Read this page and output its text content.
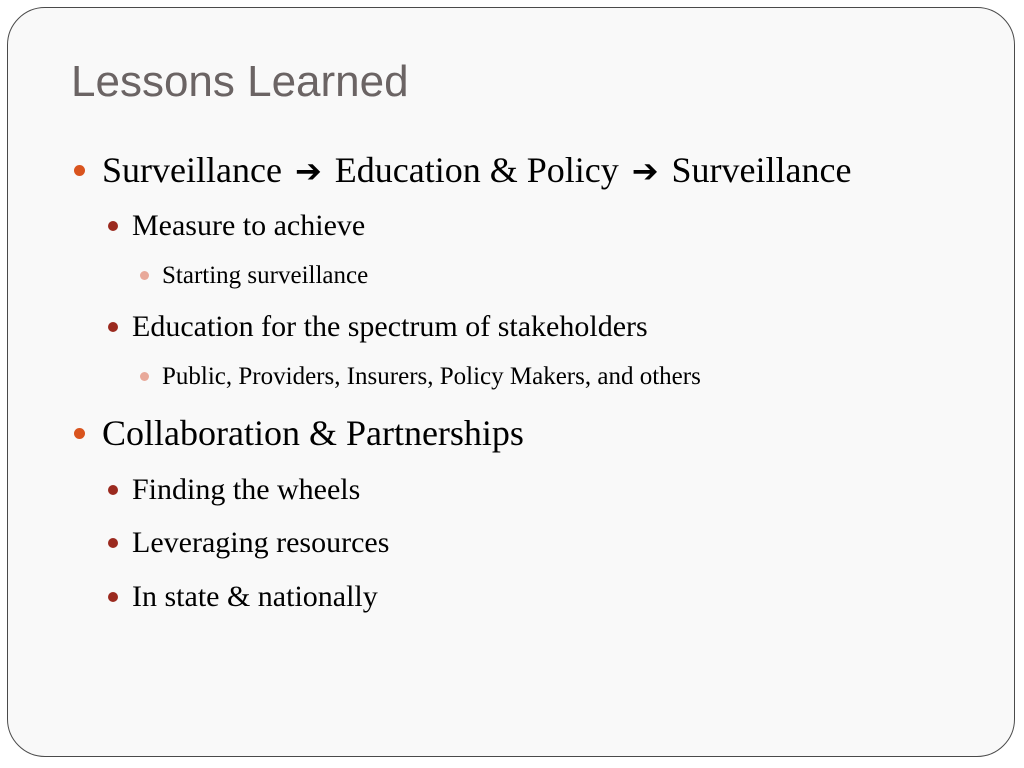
Lessons Learned
Surveillance ➔ Education & Policy ➔ Surveillance
Measure to achieve
Starting surveillance
Education for the spectrum of stakeholders
Public, Providers, Insurers, Policy Makers, and others
Collaboration & Partnerships
Finding the wheels
Leveraging resources
In state & nationally
